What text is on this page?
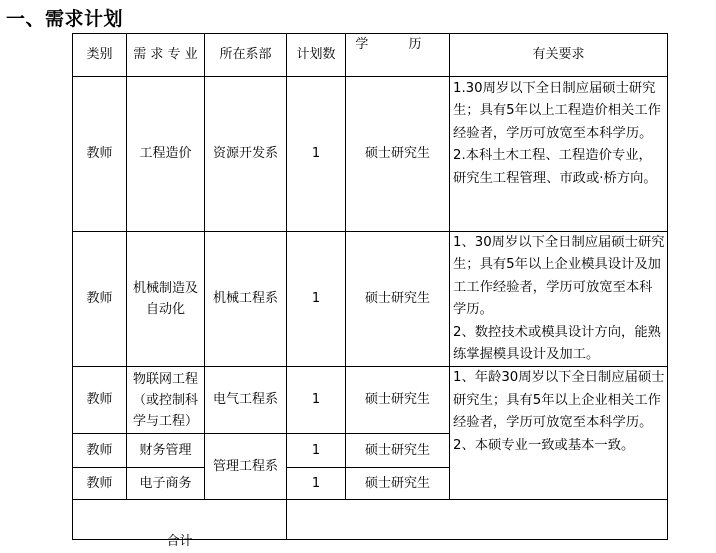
一、需求计划
类别	需 求 专 业	所在系部	计划数	学 历	有关要求
教师	工程造价	资源开发系	1	硕士研究生	1.30周岁以下全日制应届硕士研究生；具有5年以上工程造价相关工作经验者，学历可放宽至本科学历。

2.本科土木工程、工程造价专业，研究生工程管理、市政或·桥方向。

教师	机械制造及自动化	机械工程系	1	硕士研究生	1、30周岁以下全日制应届硕士研究生；具有5年以上企业模具设计及加工工作经验者，学历可放宽至本科学历。

2、数控技术或模具设计方向，能熟练掌握模具设计及加工。

教师	物联网工程（或控制科学与工程）	电气工程系	1	硕士研究生	1、年龄30周岁以下全日制应届硕士研究生；具有5年以上企业相关工作经验者，学历可放宽至本科学历。

2、本硕专业一致或基本一致。

教师	财务管理	管理工程系	1	硕士研究生	
教师	电子商务		1	硕士研究生	

合计					
